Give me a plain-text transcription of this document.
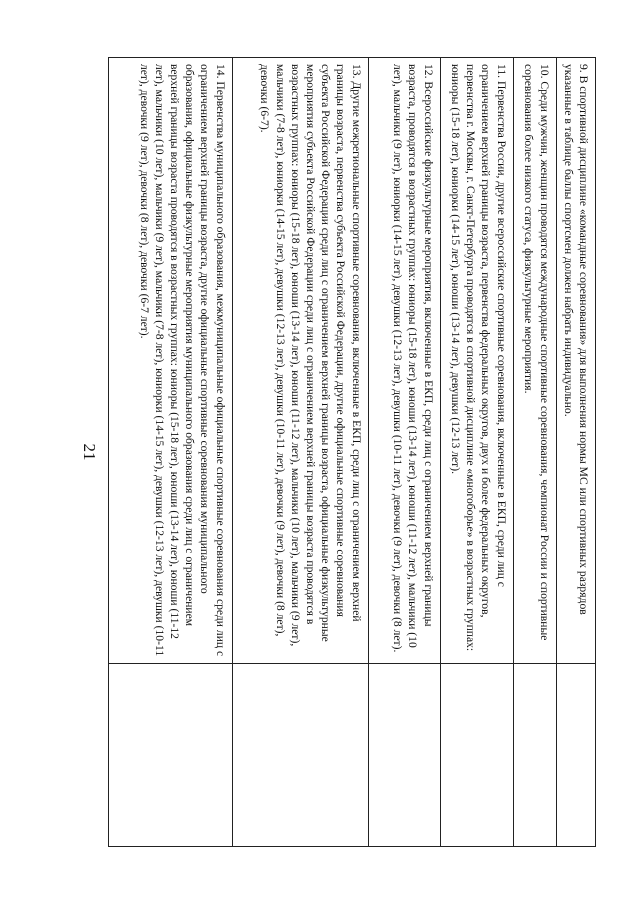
9. В спортивной дисциплине «командные соревнования» для выполнения нормы МС или спортивных разрядов указанные в таблице баллы спортсмен должен набрать индивидуально.	
10. Среди мужчин, женщин проводятся международные спортивные соревнования, чемпионат России и спортивные соревнования более низкого статуса, физкультурные мероприятия.	
11. Первенства России, другие всероссийские спортивные соревнования, включенные в ЕКП, среди лиц с ограничением верхней границы возраста, первенства федеральных округов, двух и более федеральных округов, первенства г. Москвы, г. Санкт-Петербурга проводятся в спортивной дисциплине «многоборье» в возрастных группах: юниоры (15-18 лет), юниорки (14-15 лет), юноши (13-14 лет), девушки (12-13 лет).	
12. Всероссийские физкультурные мероприятия, включенные в ЕКП, среди лиц с ограничением верхней границы возраста, проводятся в возрастных группах: юниоры (15-18 лет), юноши (13-14 лет), юноши (11-12 лет), мальчики (10 лет), мальчики (9 лет), юниорки (14-15 лет), девушки (12-13 лет), девушки (10-11 лет), девочки (9 лет), девочки (8 лет).	
13. Другие межрегиональные спортивные соревнования, включенные в ЕКП, среди лиц с ограничением верхней границы возраста, первенства субъекта Российской Федерации, другие официальные спортивные соревнования субъекта Российской Федерации среди лиц с ограничением верхней границы возраста, официальные физкультурные мероприятия субъекта Российской Федерации среди лиц с ограничением верхней границы возраста проводятся в возрастных группах: юниоры (15-18 лет), юноши (13-14 лет), юноши (11-12 лет), мальчики (10 лет), мальчики (9 лет), мальчики (7-8 лет), юниорки (14-15 лет), девушки (12-13 лет), девушки (10-11 лет), девочки (9 лет), девочки (8 лет), девочки (6-7).	
14. Первенства муниципального образования, межмуниципальные официальные спортивные соревнования среди лиц с ограничением верхней границы возраста, другие официальные спортивные соревнования муниципального образования, официальные физкультурные мероприятия муниципального образования среди лиц с ограничением верхней границы возраста проводятся в возрастных группах: юниоры (15-18 лет), юноши (13-14 лет), юноши (11-12 лет), мальчики (10 лет), мальчики (9 лет), мальчики (7-8 лет), юниорки (14-15 лет), девушки (12-13 лет), девушки (10-11 лет), девочки (9 лет), девочки (8 лет), девочки (6-7 лет).	
21
